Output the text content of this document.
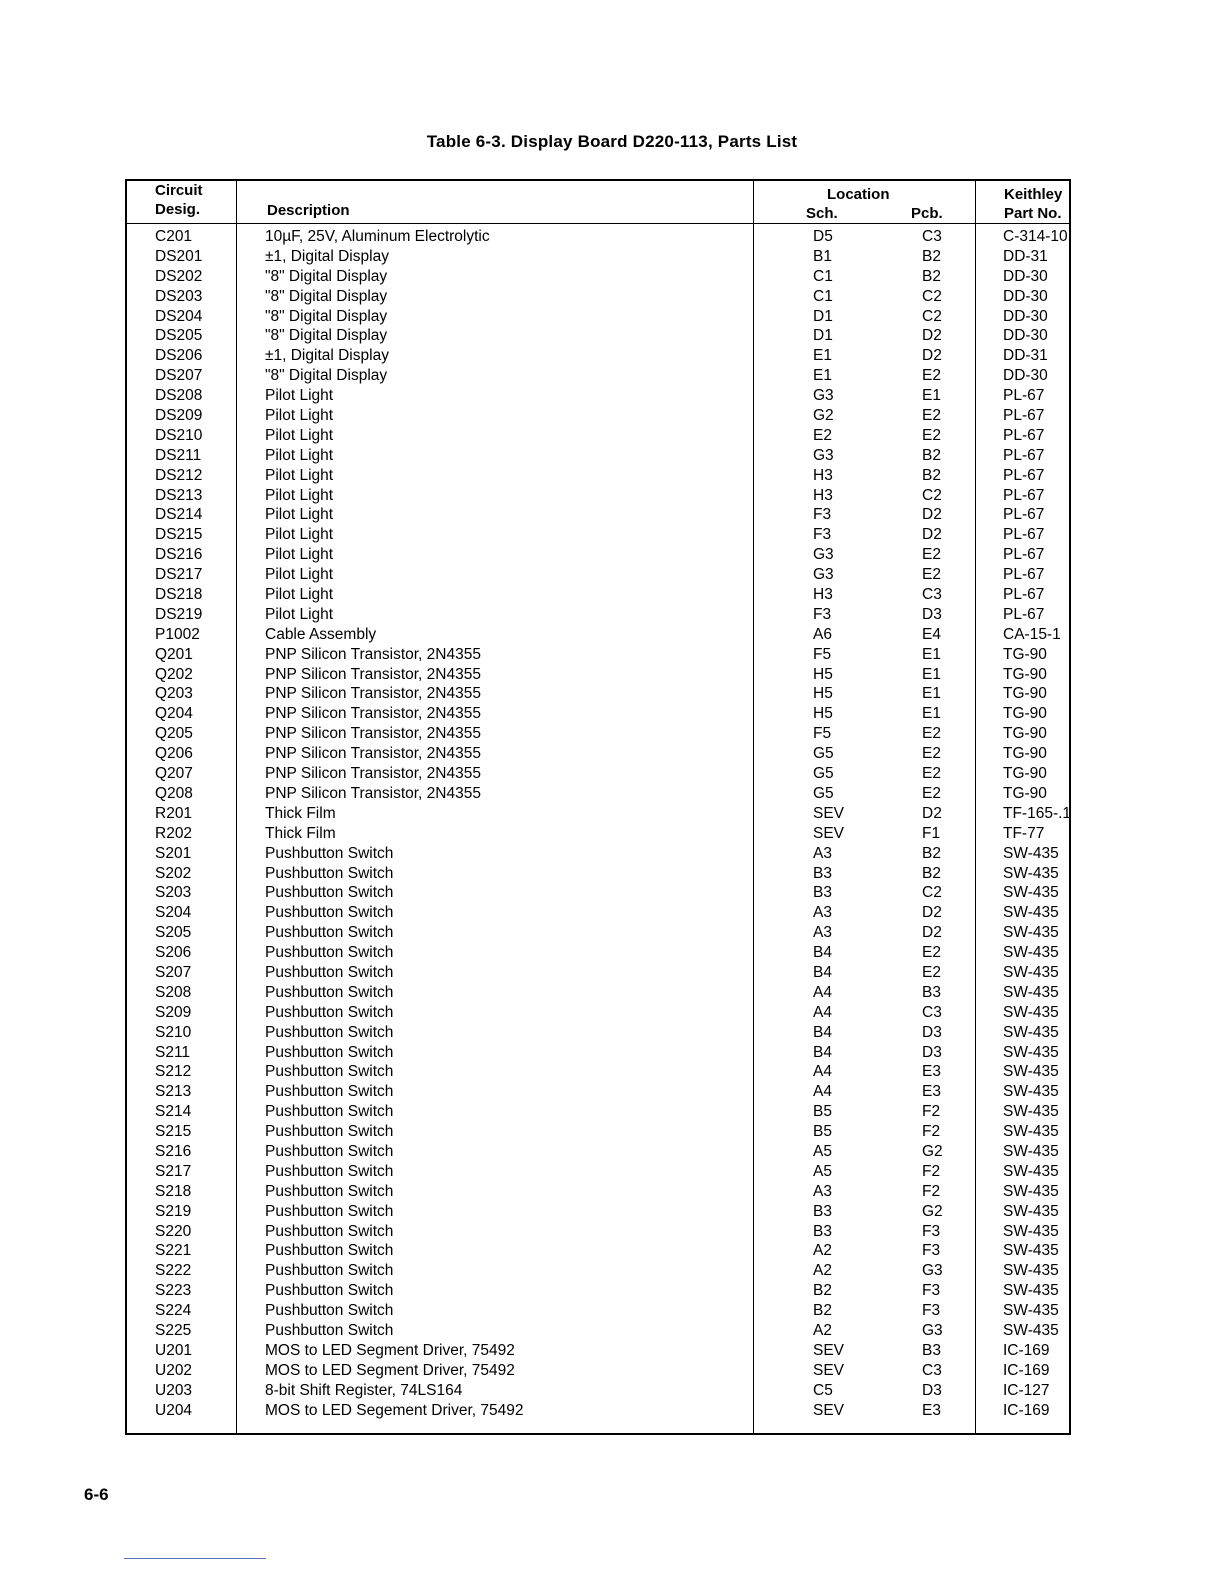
Table 6-3. Display Board D220-113, Parts List
Circuit
Desig.	Description
Location
Sch.	Pcb.
Keithley
Part No.
C201	10µF, 25V, Aluminum Electrolytic	D5	C3	C-314-10
DS201	±1, Digital Display	B1	B2	DD-31
DS202	"8" Digital Display	C1	B2	DD-30
DS203	"8" Digital Display	C1	C2	DD-30
DS204	"8" Digital Display	D1	C2	DD-30
DS205	"8" Digital Display	D1	D2	DD-30
DS206	±1, Digital Display	E1	D2	DD-31
DS207	"8" Digital Display	E1	E2	DD-30
DS208	Pilot Light	G3	E1	PL-67
DS209	Pilot Light	G2	E2	PL-67
DS210	Pilot Light	E2	E2	PL-67
DS211	Pilot Light	G3	B2	PL-67
DS212	Pilot Light	H3	B2	PL-67
DS213	Pilot Light	H3	C2	PL-67
DS214	Pilot Light	F3	D2	PL-67
DS215	Pilot Light	F3	D2	PL-67
DS216	Pilot Light	G3	E2	PL-67
DS217	Pilot Light	G3	E2	PL-67
DS218	Pilot Light	H3	C3	PL-67
DS219	Pilot Light	F3	D3	PL-67
P1002	Cable Assembly	A6	E4	CA-15-1
Q201	PNP Silicon Transistor, 2N4355	F5	E1	TG-90
Q202	PNP Silicon Transistor, 2N4355	H5	E1	TG-90
Q203	PNP Silicon Transistor, 2N4355	H5	E1	TG-90
Q204	PNP Silicon Transistor, 2N4355	H5	E1	TG-90
Q205	PNP Silicon Transistor, 2N4355	F5	E2	TG-90
Q206	PNP Silicon Transistor, 2N4355	G5	E2	TG-90
Q207	PNP Silicon Transistor, 2N4355	G5	E2	TG-90
Q208	PNP Silicon Transistor, 2N4355	G5	E2	TG-90
R201	Thick Film	SEV	D2	TF-165-.1
R202	Thick Film	SEV	F1	TF-77
S201	Pushbutton Switch	A3	B2	SW-435
S202	Pushbutton Switch	B3	B2	SW-435
S203	Pushbutton Switch	B3	C2	SW-435
S204	Pushbutton Switch	A3	D2	SW-435
S205	Pushbutton Switch	A3	D2	SW-435
S206	Pushbutton Switch	B4	E2	SW-435
S207	Pushbutton Switch	B4	E2	SW-435
S208	Pushbutton Switch	A4	B3	SW-435
S209	Pushbutton Switch	A4	C3	SW-435
S210	Pushbutton Switch	B4	D3	SW-435
S211	Pushbutton Switch	B4	D3	SW-435
S212	Pushbutton Switch	A4	E3	SW-435
S213	Pushbutton Switch	A4	E3	SW-435
S214	Pushbutton Switch	B5	F2	SW-435
S215	Pushbutton Switch	B5	F2	SW-435
S216	Pushbutton Switch	A5	G2	SW-435
S217	Pushbutton Switch	A5	F2	SW-435
S218	Pushbutton Switch	A3	F2	SW-435
S219	Pushbutton Switch	B3	G2	SW-435
S220	Pushbutton Switch	B3	F3	SW-435
S221	Pushbutton Switch	A2	F3	SW-435
S222	Pushbutton Switch	A2	G3	SW-435
S223	Pushbutton Switch	B2	F3	SW-435
S224	Pushbutton Switch	B2	F3	SW-435
S225	Pushbutton Switch	A2	G3	SW-435
U201	MOS to LED Segment Driver, 75492	SEV	B3	IC-169
U202	MOS to LED Segment Driver, 75492	SEV	C3	IC-169
U203	8-bit Shift Register, 74LS164	C5	D3	IC-127
U204	MOS to LED Segement Driver, 75492	SEV	E3	IC-169
6-6
